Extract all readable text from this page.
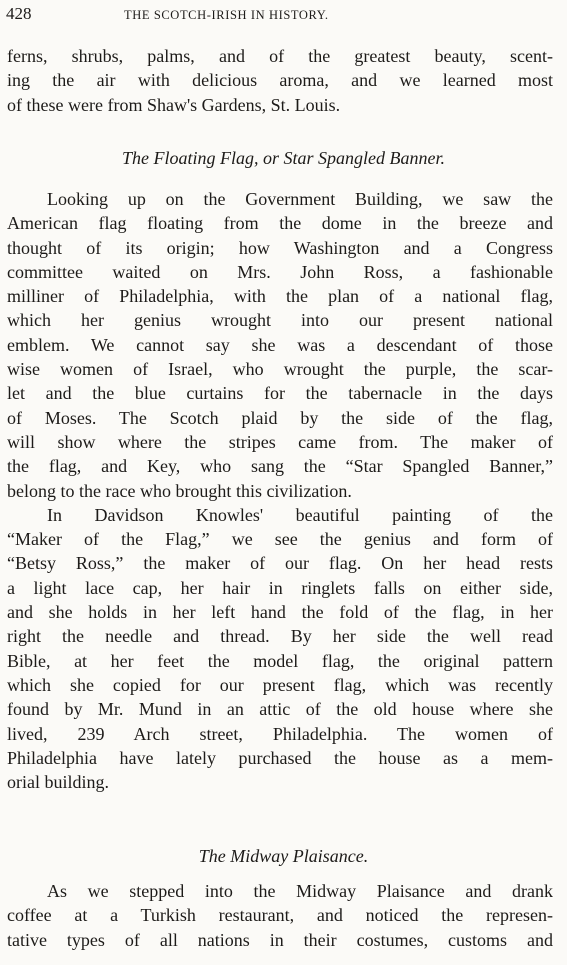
428	THE SCOTCH-IRISH IN HISTORY.
ferns, shrubs, palms, and of the greatest beauty, scent-
ing the air with delicious aroma, and we learned most
of these were from Shaw's Gardens, St. Louis.
The Floating Flag, or Star Spangled Banner.
Looking up on the Government Building, we saw the
American flag floating from the dome in the breeze and
thought of its origin; how Washington and a Congress
committee waited on Mrs. John Ross, a fashionable
milliner of Philadelphia, with the plan of a national flag,
which her genius wrought into our present national
emblem. We cannot say she was a descendant of those
wise women of Israel, who wrought the purple, the scar-
let and the blue curtains for the tabernacle in the days
of Moses. The Scotch plaid by the side of the flag,
will show where the stripes came from. The maker of
the flag, and Key, who sang the “Star Spangled Banner,”
belong to the race who brought this civilization.
In Davidson Knowles' beautiful painting of the
“Maker of the Flag,” we see the genius and form of
“Betsy Ross,” the maker of our flag. On her head rests
a light lace cap, her hair in ringlets falls on either side,
and she holds in her left hand the fold of the flag, in her
right the needle and thread. By her side the well read
Bible, at her feet the model flag, the original pattern
which she copied for our present flag, which was recently
found by Mr. Mund in an attic of the old house where she
lived, 239 Arch street, Philadelphia. The women of
Philadelphia have lately purchased the house as a mem-
orial building.
The Midway Plaisance.
As we stepped into the Midway Plaisance and drank
coffee at a Turkish restaurant, and noticed the represen-
tative types of all nations in their costumes, customs and
